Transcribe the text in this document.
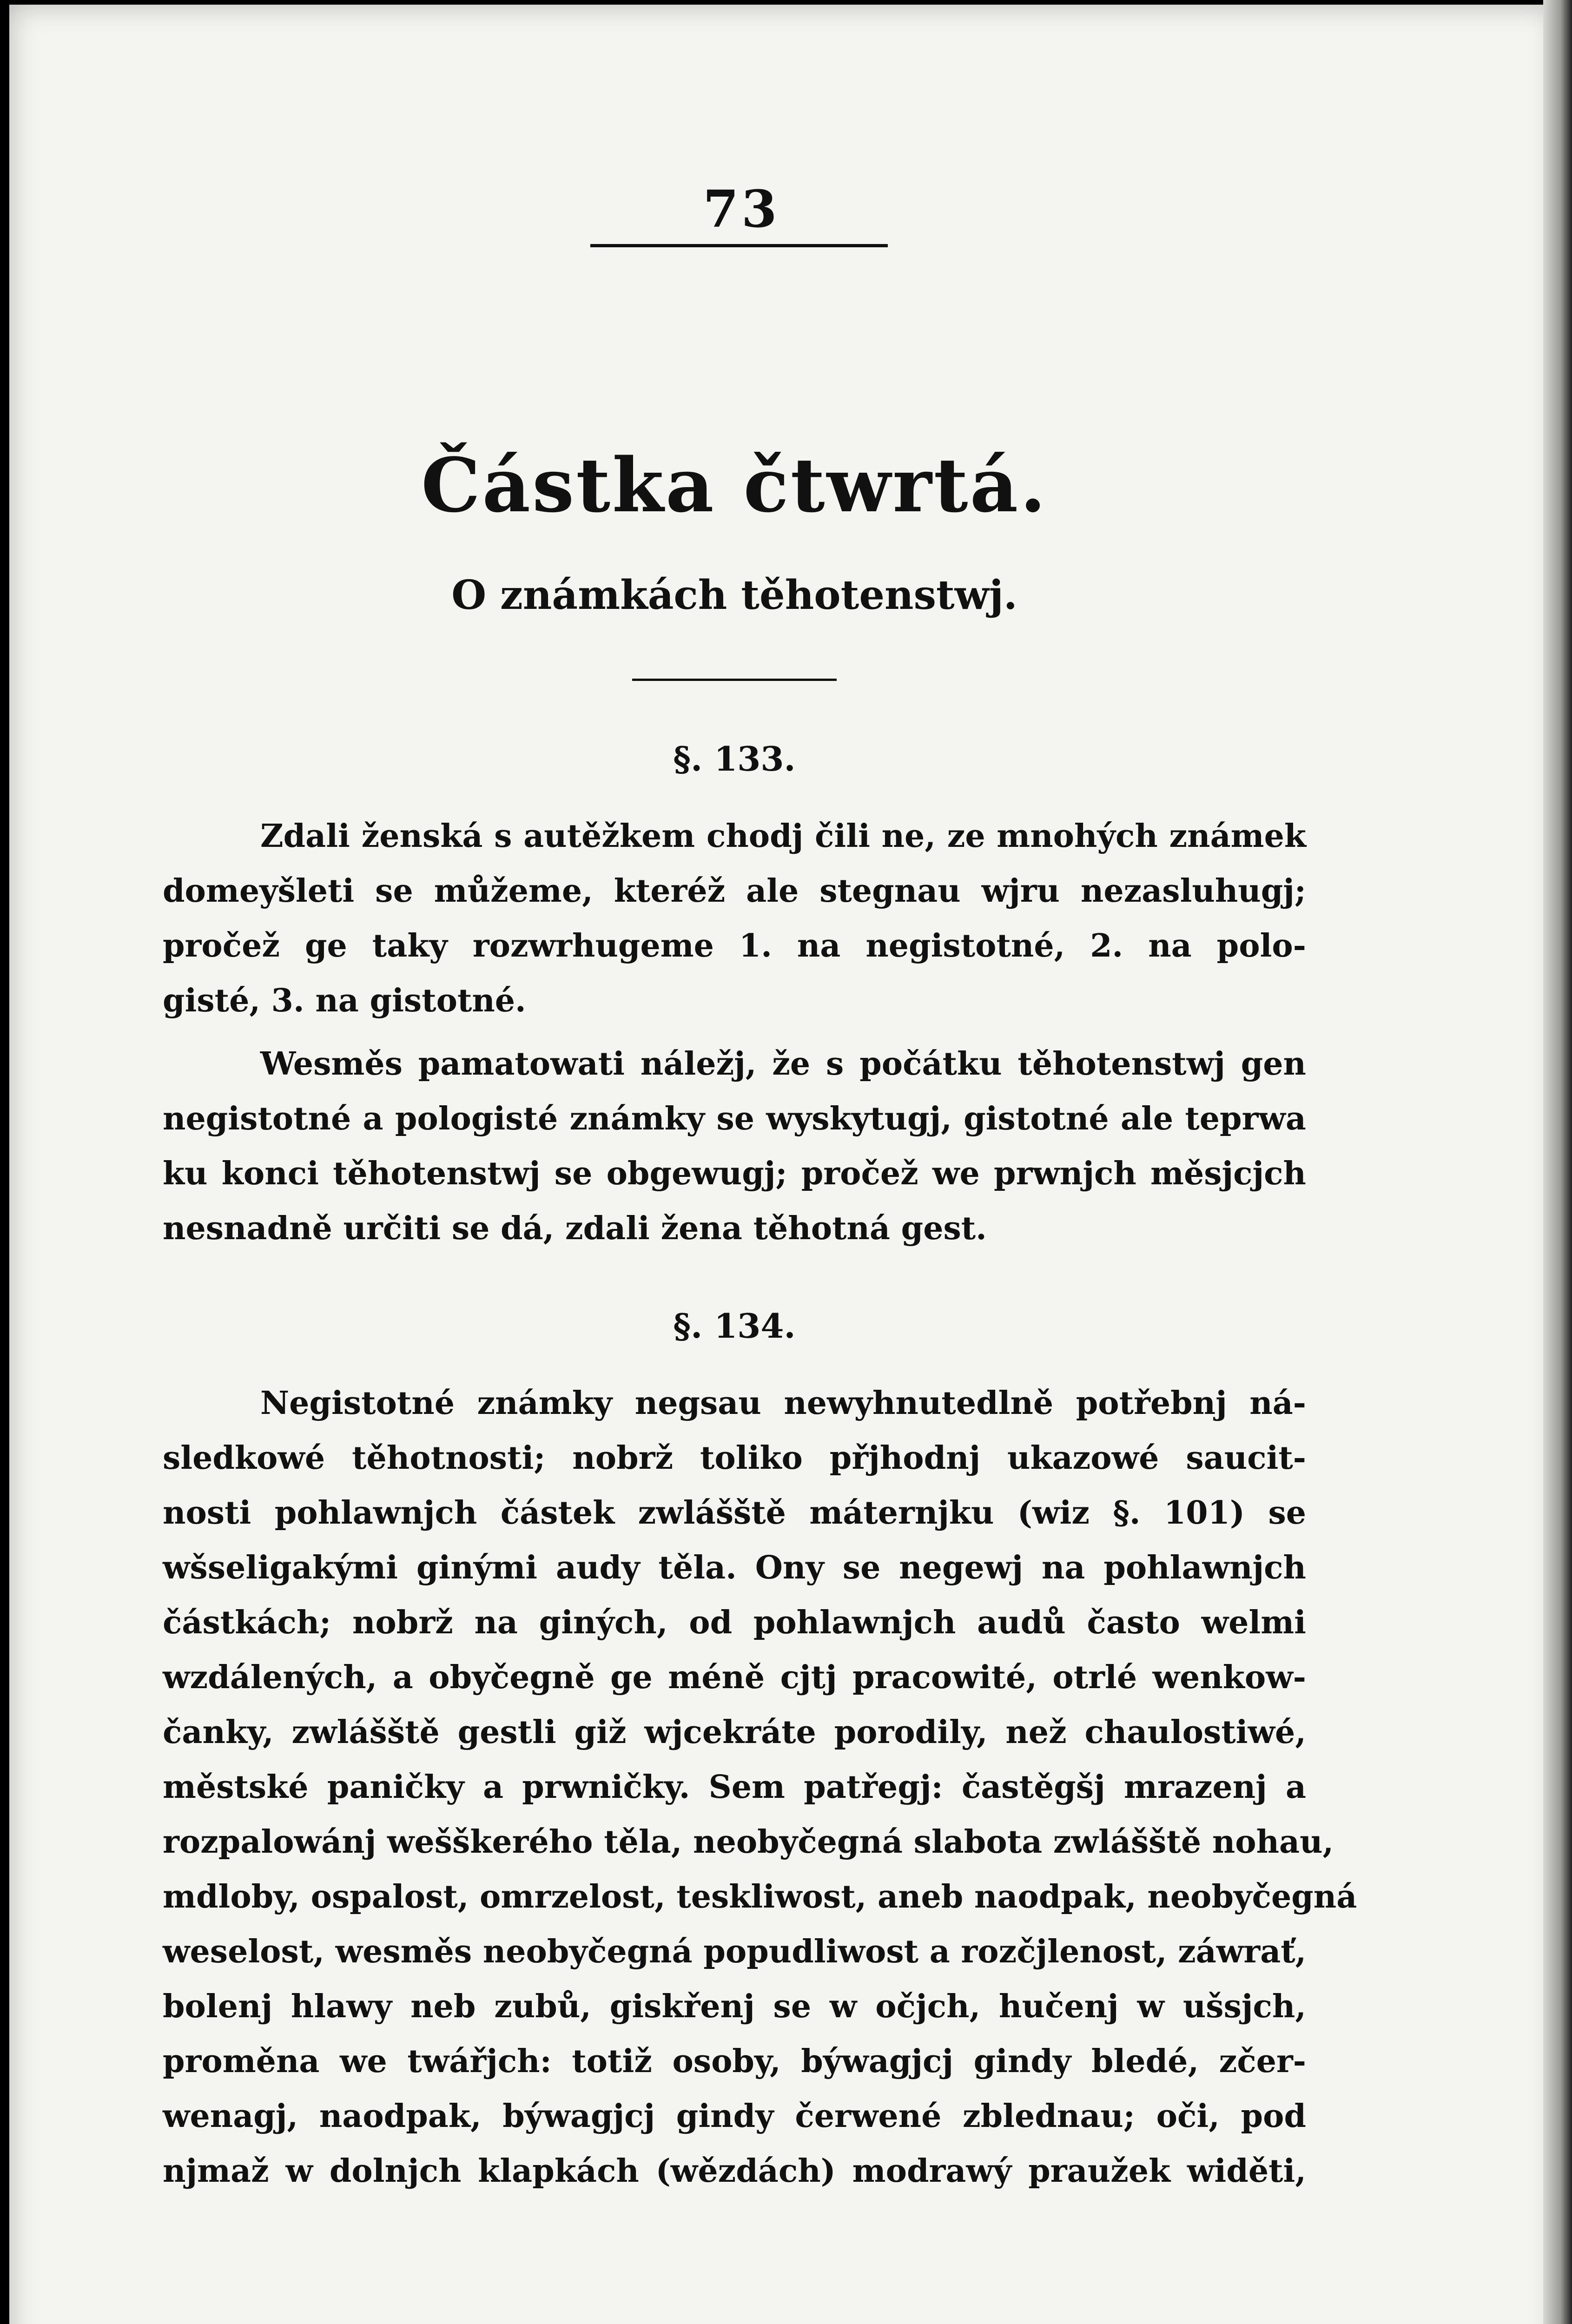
73
Částka čtwrtá.
O známkách těhotenstwj.
§. 133.
Zdali ženská s autěžkem chodj čili ne, ze mnohých známek
domeyšleti se můžeme, kteréž ale stegnau wjru nezasluhugj;
pročež ge taky rozwrhugeme 1. na negistotné, 2. na polo-
gisté, 3. na gistotné.
Wesměs pamatowati náležj, že s počátku těhotenstwj gen
negistotné a pologisté známky se wyskytugj, gistotné ale teprwa
ku konci těhotenstwj se obgewugj; pročež we prwnjch měsjcjch
nesnadně určiti se dá, zdali žena těhotná gest.
§. 134.
Negistotné známky negsau newyhnutedlně potřebnj ná-
sledkowé těhotnosti; nobrž toliko přjhodnj ukazowé saucit-
nosti pohlawnjch částek zwlášště máternjku (wiz §. 101) se
wšseligakými ginými audy těla. Ony se negewj na pohlawnjch
částkách; nobrž na giných, od pohlawnjch audů často welmi
wzdálených, a obyčegně ge méně cjtj pracowité, otrlé wenkow-
čanky, zwlášště gestli giž wjcekráte porodily, než chaulostiwé,
městské paničky a prwničky. Sem patřegj: častěgšj mrazenj a
rozpalowánj wešškerého těla, neobyčegná slabota zwlášště nohau,
mdloby, ospalost, omrzelost, teskliwost, aneb naodpak, neobyčegná
weselost, wesměs neobyčegná popudliwost a rozčjlenost, záwrať,
bolenj hlawy neb zubů, giskřenj se w očjch, hučenj w ušsjch,
proměna we twářjch: totiž osoby, býwagjcj gindy bledé, zčer-
wenagj, naodpak, býwagjcj gindy čerwené zblednau; oči, pod
njmaž w dolnjch klapkách (wězdách) modrawý praužek widěti,
